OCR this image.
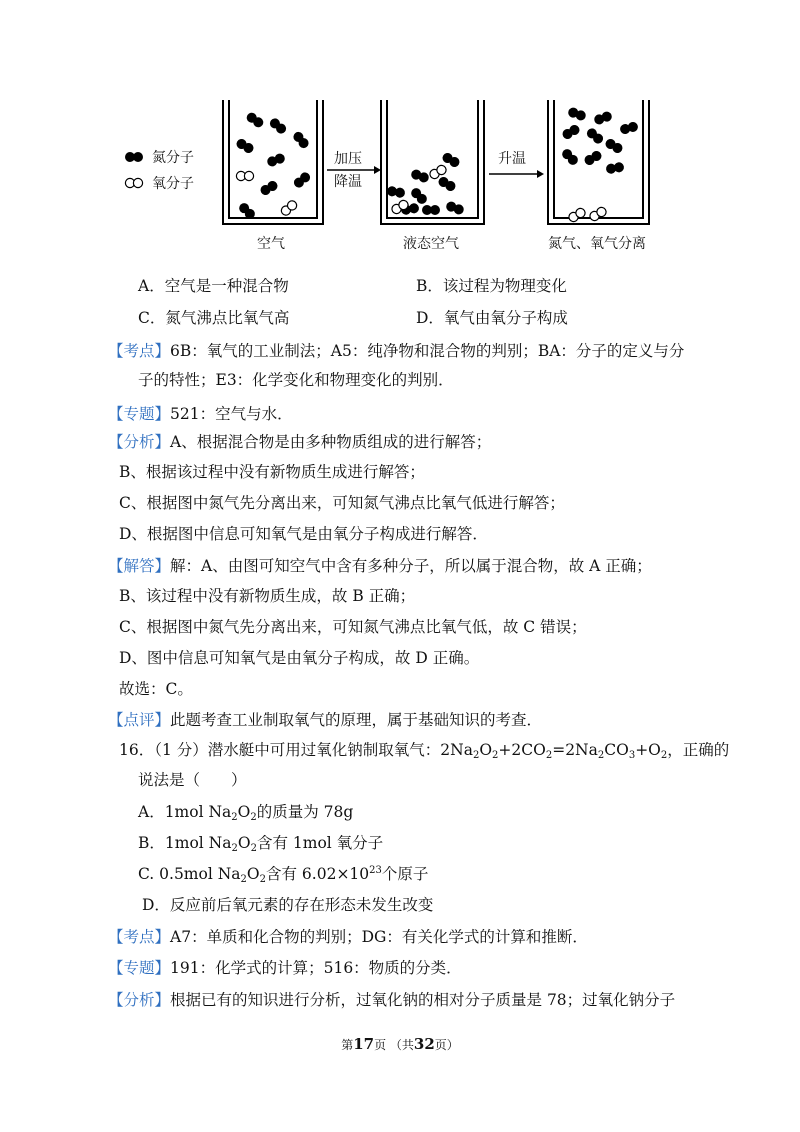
氮分子
氧分子
空气
加压
降温
液态空气
升温
氮气、氧气分离
A．空气是一种混合物	B．该过程为物理变化
C．氮气沸点比氧气高	D．氧气由氧分子构成
【考点】6B：氧气的工业制法；A5：纯净物和混合物的判别；BA：分子的定义与分
子的特性；E3：化学变化和物理变化的判别．
【专题】521：空气与水．
【分析】A、根据混合物是由多种物质组成的进行解答；
B、根据该过程中没有新物质生成进行解答；
C、根据图中氮气先分离出来，可知氮气沸点比氧气低进行解答；
D、根据图中信息可知氧气是由氧分子构成进行解答．
【解答】解：A、由图可知空气中含有多种分子，所以属于混合物，故 A 正确；
B、该过程中没有新物质生成，故 B 正确；
C、根据图中氮气先分离出来，可知氮气沸点比氧气低，故 C 错误；
D、图中信息可知氧气是由氧分子构成，故 D 正确。
故选：C。
【点评】此题考查工业制取氧气的原理，属于基础知识的考查．
16．（1 分）潜水艇中可用过氧化钠制取氧气：$2Na_2O_2+2CO_2=2Na_2CO_3+O_2$，正确的
说法是（　　）
A．1mol $Na_2O_2$的质量为 78g
B．1mol $Na_2O_2$含有 1mol 氧分子
C. 0.5mol $Na_2O_2$含有 $6.02\times 10^{23}$个原子
D．反应前后氧元素的存在形态未发生改变
【考点】A7：单质和化合物的判别；DG：有关化学式的计算和推断．
【专题】191：化学式的计算；516：物质的分类．
【分析】根据已有的知识进行分析，过氧化钠的相对分子质量是 78；过氧化钠分子
第17页 （共32页）
